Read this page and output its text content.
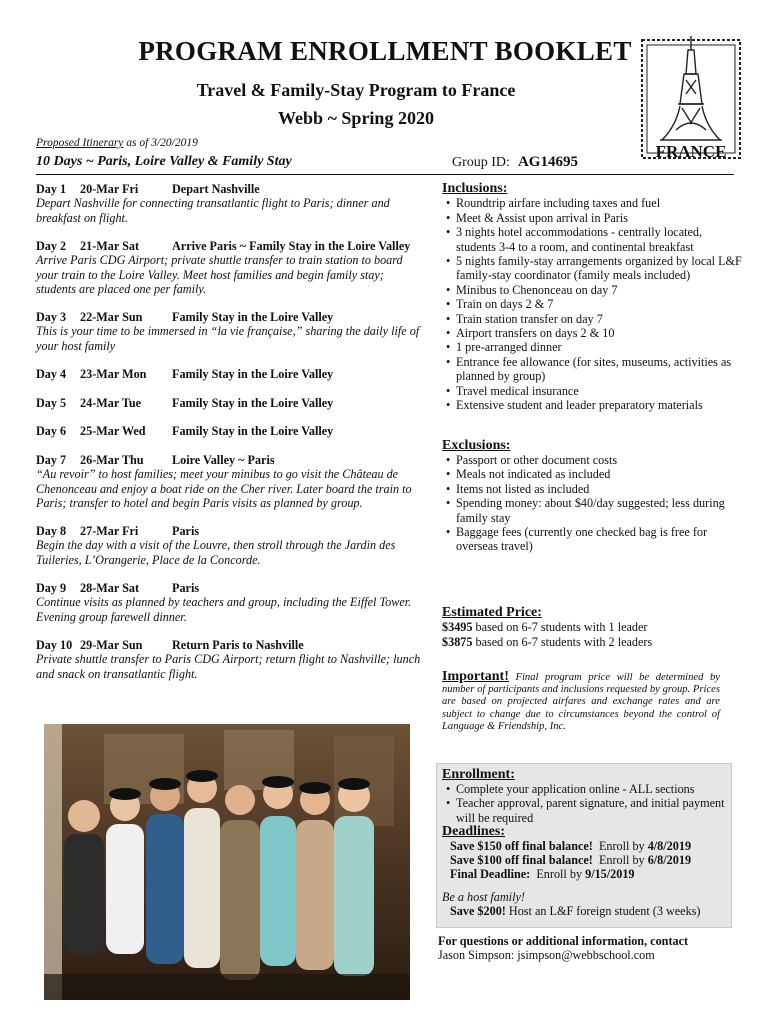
PROGRAM ENROLLMENT BOOKLET
Travel & Family-Stay Program to France
Webb ~ Spring 2020
FRANCE
Proposed Itinerary as of 3/20/2019
10 Days ~ Paris, Loire Valley & Family Stay	Group ID: AG14695
Day 1 20-Mar Fri	Depart Nashville
Depart Nashville for connecting transatlantic flight to Paris; dinner and breakfast on flight.
Day 2 21-Mar Sat	Arrive Paris ~ Family Stay in the Loire Valley
Arrive Paris CDG Airport; private shuttle transfer to train station to board your train to the Loire Valley. Meet host families and begin family stay; students are placed one per family.
Day 3 22-Mar Sun Family Stay in the Loire Valley
This is your time to be immersed in “la vie française,” sharing the daily life of your host family
Day 4 23-Mar Mon Family Stay in the Loire Valley
Day 5 24-Mar Tue	Family Stay in the Loire Valley
Day 6 25-Mar Wed Family Stay in the Loire Valley
Day 7 26-Mar Thu Loire Valley ~ Paris
“Au revoir” to host families; meet your minibus to go visit the Château de Chenonceau and enjoy a boat ride on the Cher river. Later board the train to Paris; transfer to hotel and begin Paris visits as planned by group.
Day 8 27-Mar Fri	Paris
Begin the day with a visit of the Louvre, then stroll through the Jardin des Tuileries, L’Orangerie, Place de la Concorde.
Day 9 28-Mar Sat	Paris
Continue visits as planned by teachers and group, including the Eiffel Tower. Evening group farewell dinner.
Day 10 29-Mar Sun Return Paris to Nashville
Private shuttle transfer to Paris CDG Airport; return flight to Nashville; lunch and snack on transatlantic flight.
Inclusions:
• Roundtrip airfare including taxes and fuel
• Meet & Assist upon arrival in Paris
• 3 nights hotel accommodations - centrally located, students 3-4 to a room, and continental breakfast
• 5 nights family-stay arrangements organized by local L&F family-stay coordinator (family meals included)
• Minibus to Chenonceau on day 7
• Train on days 2 & 7
• Train station transfer on day 7
• Airport transfers on days 2 & 10
• 1 pre-arranged dinner
• Entrance fee allowance (for sites, museums, activities as planned by group)
• Travel medical insurance
• Extensive student and leader preparatory materials
Exclusions:
• Passport or other document costs
• Meals not indicated as included
• Items not listed as included
• Spending money: about $40/day suggested; less during family stay
• Baggage fees (currently one checked bag is free for overseas travel)
Estimated Price:
$3495 based on 6-7 students with 1 leader
$3875 based on 6-7 students with 2 leaders
Important! Final program price will be determined by number of participants and inclusions requested by group. Prices are based on projected airfares and exchange rates and are subject to change due to circumstances beyond the control of Language & Friendship, Inc.
Enrollment:
• Complete your application online - ALL sections
• Teacher approval, parent signature, and initial payment will be required
Deadlines:
Save $150 off final balance! Enroll by 4/8/2019
Save $100 off final balance! Enroll by 6/8/2019
Final Deadline: Enroll by 9/15/2019
Be a host family!
Save $200! Host an L&F foreign student (3 weeks)
For questions or additional information, contact
Jason Simpson: jsimpson@webbschool.com
